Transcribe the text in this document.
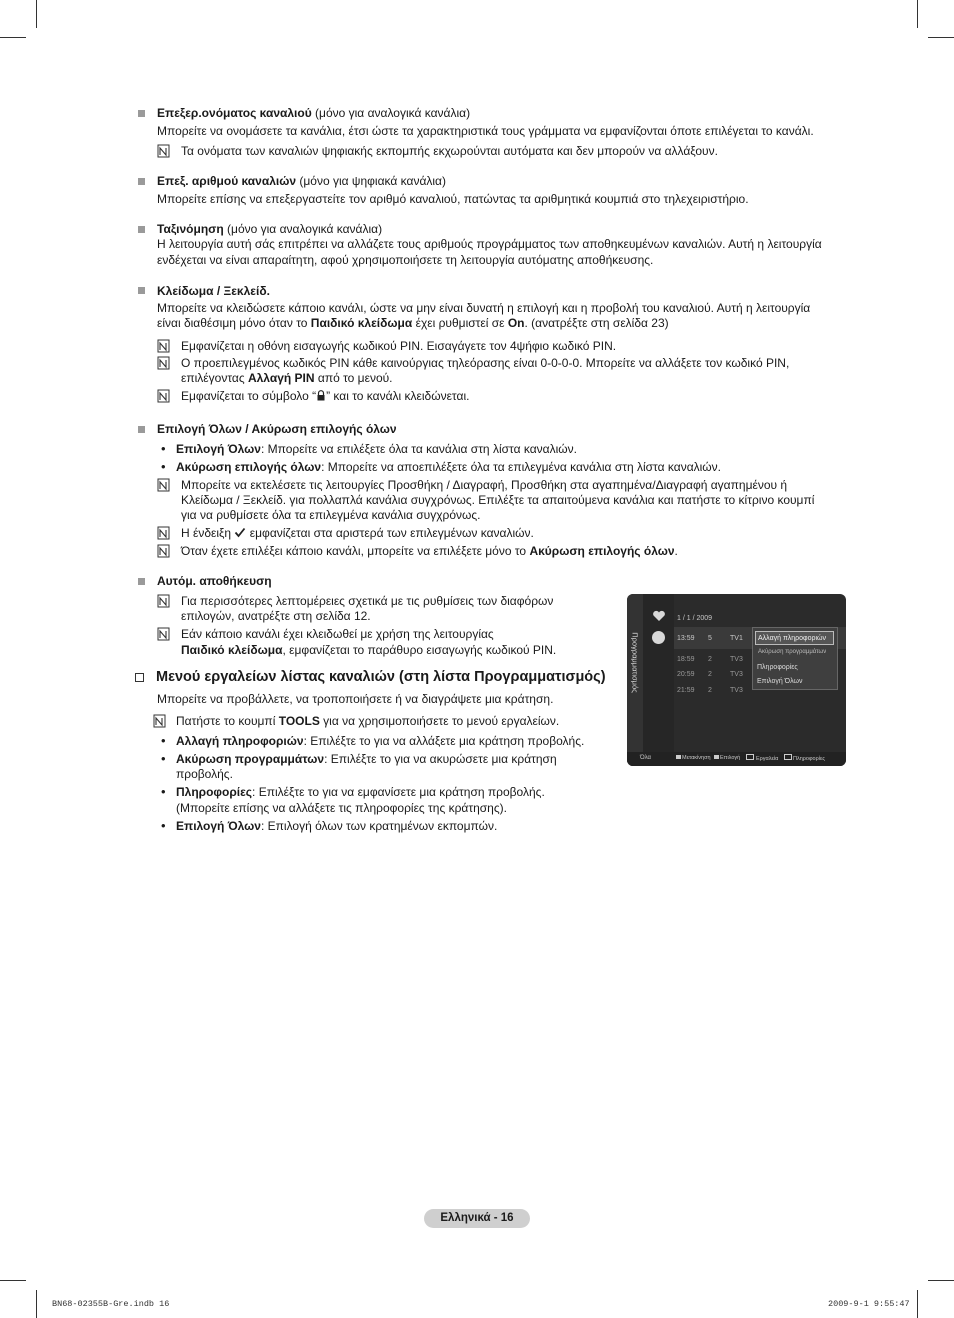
Επεξερ.ονόματος καναλιού (μόνο για αναλογικά κανάλια)
Μπορείτε να ονομάσετε τα κανάλια, έτσι ώστε τα χαρακτηριστικά τους γράμματα να εμφανίζονται όποτε επιλέγεται το κανάλι.
Τα ονόματα των καναλιών ψηφιακής εκπομπής εκχωρούνται αυτόματα και δεν μπορούν να αλλάξουν.
Επεξ. αριθμού καναλιών (μόνο για ψηφιακά κανάλια)
Μπορείτε επίσης να επεξεργαστείτε τον αριθμό καναλιού, πατώντας τα αριθμητικά κουμπιά στο τηλεχειριστήριο.
Ταξινόμηση (μόνο για αναλογικά κανάλια)
Η λειτουργία αυτή σάς επιτρέπει να αλλάζετε τους αριθμούς προγράμματος των αποθηκευμένων καναλιών. Αυτή η λειτουργία
ενδέχεται να είναι απαραίτητη, αφού χρησιμοποιήσετε τη λειτουργία αυτόματης αποθήκευσης.
Κλείδωμα / Ξεκλείδ.
Μπορείτε να κλειδώσετε κάποιο κανάλι, ώστε να μην είναι δυνατή η επιλογή και η προβολή του καναλιού. Αυτή η λειτουργία
είναι διαθέσιμη μόνο όταν το Παιδικό κλείδωμα έχει ρυθμιστεί σε On. (ανατρέξτε στη σελίδα 23)
Εμφανίζεται η οθόνη εισαγωγής κωδικού PIN. Εισαγάγετε τον 4ψήφιο κωδικό PIN.
Ο προεπιλεγμένος κωδικός PIN κάθε καινούργιας τηλεόρασης είναι 0-0-0-0. Μπορείτε να αλλάξετε τον κωδικό PIN,
επιλέγοντας Αλλαγή PIN από το μενού.
Εμφανίζεται το σύμβολο “ ” και το κανάλι κλειδώνεται.
Επιλογή Όλων / Ακύρωση επιλογής όλων
• Επιλογή Όλων: Μπορείτε να επιλέξετε όλα τα κανάλια στη λίστα καναλιών.
• Ακύρωση επιλογής όλων: Μπορείτε να αποεπιλέξετε όλα τα επιλεγμένα κανάλια στη λίστα καναλιών.
Μπορείτε να εκτελέσετε τις λειτουργίες Προσθήκη / Διαγραφή, Προσθήκη στα αγαπημένα/Διαγραφή αγαπημένου ή
Κλείδωμα / Ξεκλείδ. για πολλαπλά κανάλια συγχρόνως. Επιλέξτε τα απαιτούμενα κανάλια και πατήστε το κίτρινο κουμπί
για να ρυθμίσετε όλα τα επιλεγμένα κανάλια συγχρόνως.
Η ένδειξη  εμφανίζεται στα αριστερά των επιλεγμένων καναλιών.
Όταν έχετε επιλέξει κάποιο κανάλι, μπορείτε να επιλέξετε μόνο το Ακύρωση επιλογής όλων.
Αυτόμ. αποθήκευση
Για περισσότερες λεπτομέρειες σχετικά με τις ρυθμίσεις των διαφόρων
επιλογών, ανατρέξτε στη σελίδα 12.
Εάν κάποιο κανάλι έχει κλειδωθεί με χρήση της λειτουργίας
Παιδικό κλείδωμα, εμφανίζεται το παράθυρο εισαγωγής κωδικού PIN.
Μενού εργαλείων λίστας καναλιών (στη λίστα Προγραμματισμός)
Μπορείτε να προβάλλετε, να τροποποιήσετε ή να διαγράψετε μια κράτηση.
Πατήστε το κουμπί TOOLS για να χρησιμοποιήσετε το μενού εργαλείων.
• Αλλαγή πληροφοριών: Επιλέξτε το για να αλλάξετε μια κράτηση προβολής.
• Ακύρωση προγραμμάτων: Επιλέξτε το για να ακυρώσετε μια κράτηση
προβολής.
• Πληροφορίες: Επιλέξτε το για να εμφανίσετε μια κράτηση προβολής.
(Μπορείτε επίσης να αλλάξετε τις πληροφορίες της κράτησης).
• Επιλογή Όλων: Επιλογή όλων των κρατημένων εκπομπών.
Προγραμματισμός
1 / 1 / 2009
13:59 5	TV1
18:59 2	TV3
20:59 2	TV3
21:59 2	TV3
Αλλαγή πληροφοριών
Ακύρωση προγραμμάτων
Πληροφορίες
Επιλογή Όλων
Όλα	Μετακίνηση	Επιλογή	Εργαλεία	Πληροφορίες
Ελληνικά - 16
BN68-02355B-Gre.indb 16	2009-9-1 9:55:47
